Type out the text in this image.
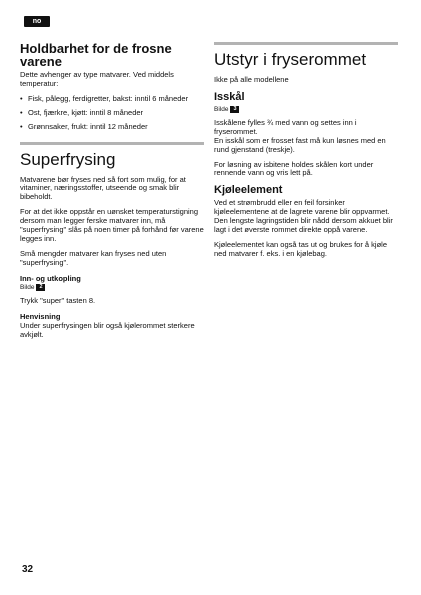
no
Holdbarhet for de frosne varene

Dette avhenger av type matvarer. Ved middels temperatur:

• Fisk, pålegg, ferdigretter, bakst: inntil 6 måneder
• Ost, fjærkre, kjøtt: inntil 8 måneder
• Grønnsaker, frukt: inntil 12 måneder
Superfrysing

Matvarene bør fryses ned så fort som mulig, for at vitaminer, næringsstoffer, utseende og smak blir bibeholdt.

For at det ikke oppstår en uønsket temperaturstigning dersom man legger ferske matvarer inn, må "superfrysing" slås på noen timer på forhånd før varene legges inn.

Små mengder matvarer kan fryses ned uten "superfrysing".

Inn- og utkopling
Bilde 2

Trykk "super" tasten 8.

Henvisning

Under superfrysingen blir også kjølerommet sterkere avkjølt.

Utstyr i fryserommet

Ikke på alle modellene

Isskål
Bilde 3

Isskålene fylles ¾ med vann og settes inn i fryserommet.
En isskål som er frosset fast må kun løsnes med en rund gjenstand (treskje).

For løsning av isbitene holdes skålen kort under rennende vann og vris lett på.

Kjøleelement

Ved et strømbrudd eller en feil forsinker kjøleelementene at de lagrete varene blir oppvarmet. Den lengste lagringstiden blir nådd dersom akkuet blir lagt i det øverste rommet direkte oppå varene.

Kjøleelementet kan også tas ut og brukes for å kjøle ned matvarer f. eks. i en kjølebag.

32
